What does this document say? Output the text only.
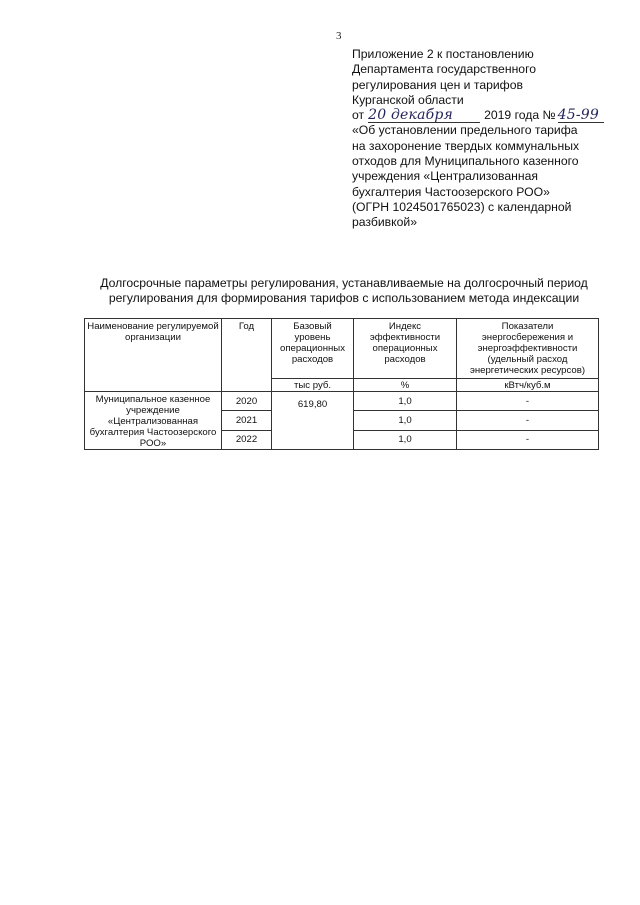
3
Приложение 2 к постановлению
Департамента государственного
регулирования цен и тарифов
Курганской области
от 20 декабря	2019 года № 45-99
«Об установлении предельного тарифа
на захоронение твердых коммунальных
отходов для Муниципального казенного
учреждения «Централизованная
бухгалтерия Частоозерского РОО»
(ОГРН 1024501765023) с календарной
разбивкой»
Долгосрочные параметры регулирования, устанавливаемые на долгосрочный период
регулирования для формирования тарифов с использованием метода индексации
Наименование регулируемой организации	Год	Базовый уровень операционных расходов	Индекс эффективности операционных расходов	Показатели энергосбережения и энергоэффективности (удельный расход энергетических ресурсов)
		тыс руб.	%	кВтч/куб.м
Муниципальное казенное учреждение «Централизованная бухгалтерия Частоозерского РОО»	2020	619,80	1,0	-
	2021		1,0	-
	2022		1,0	-
